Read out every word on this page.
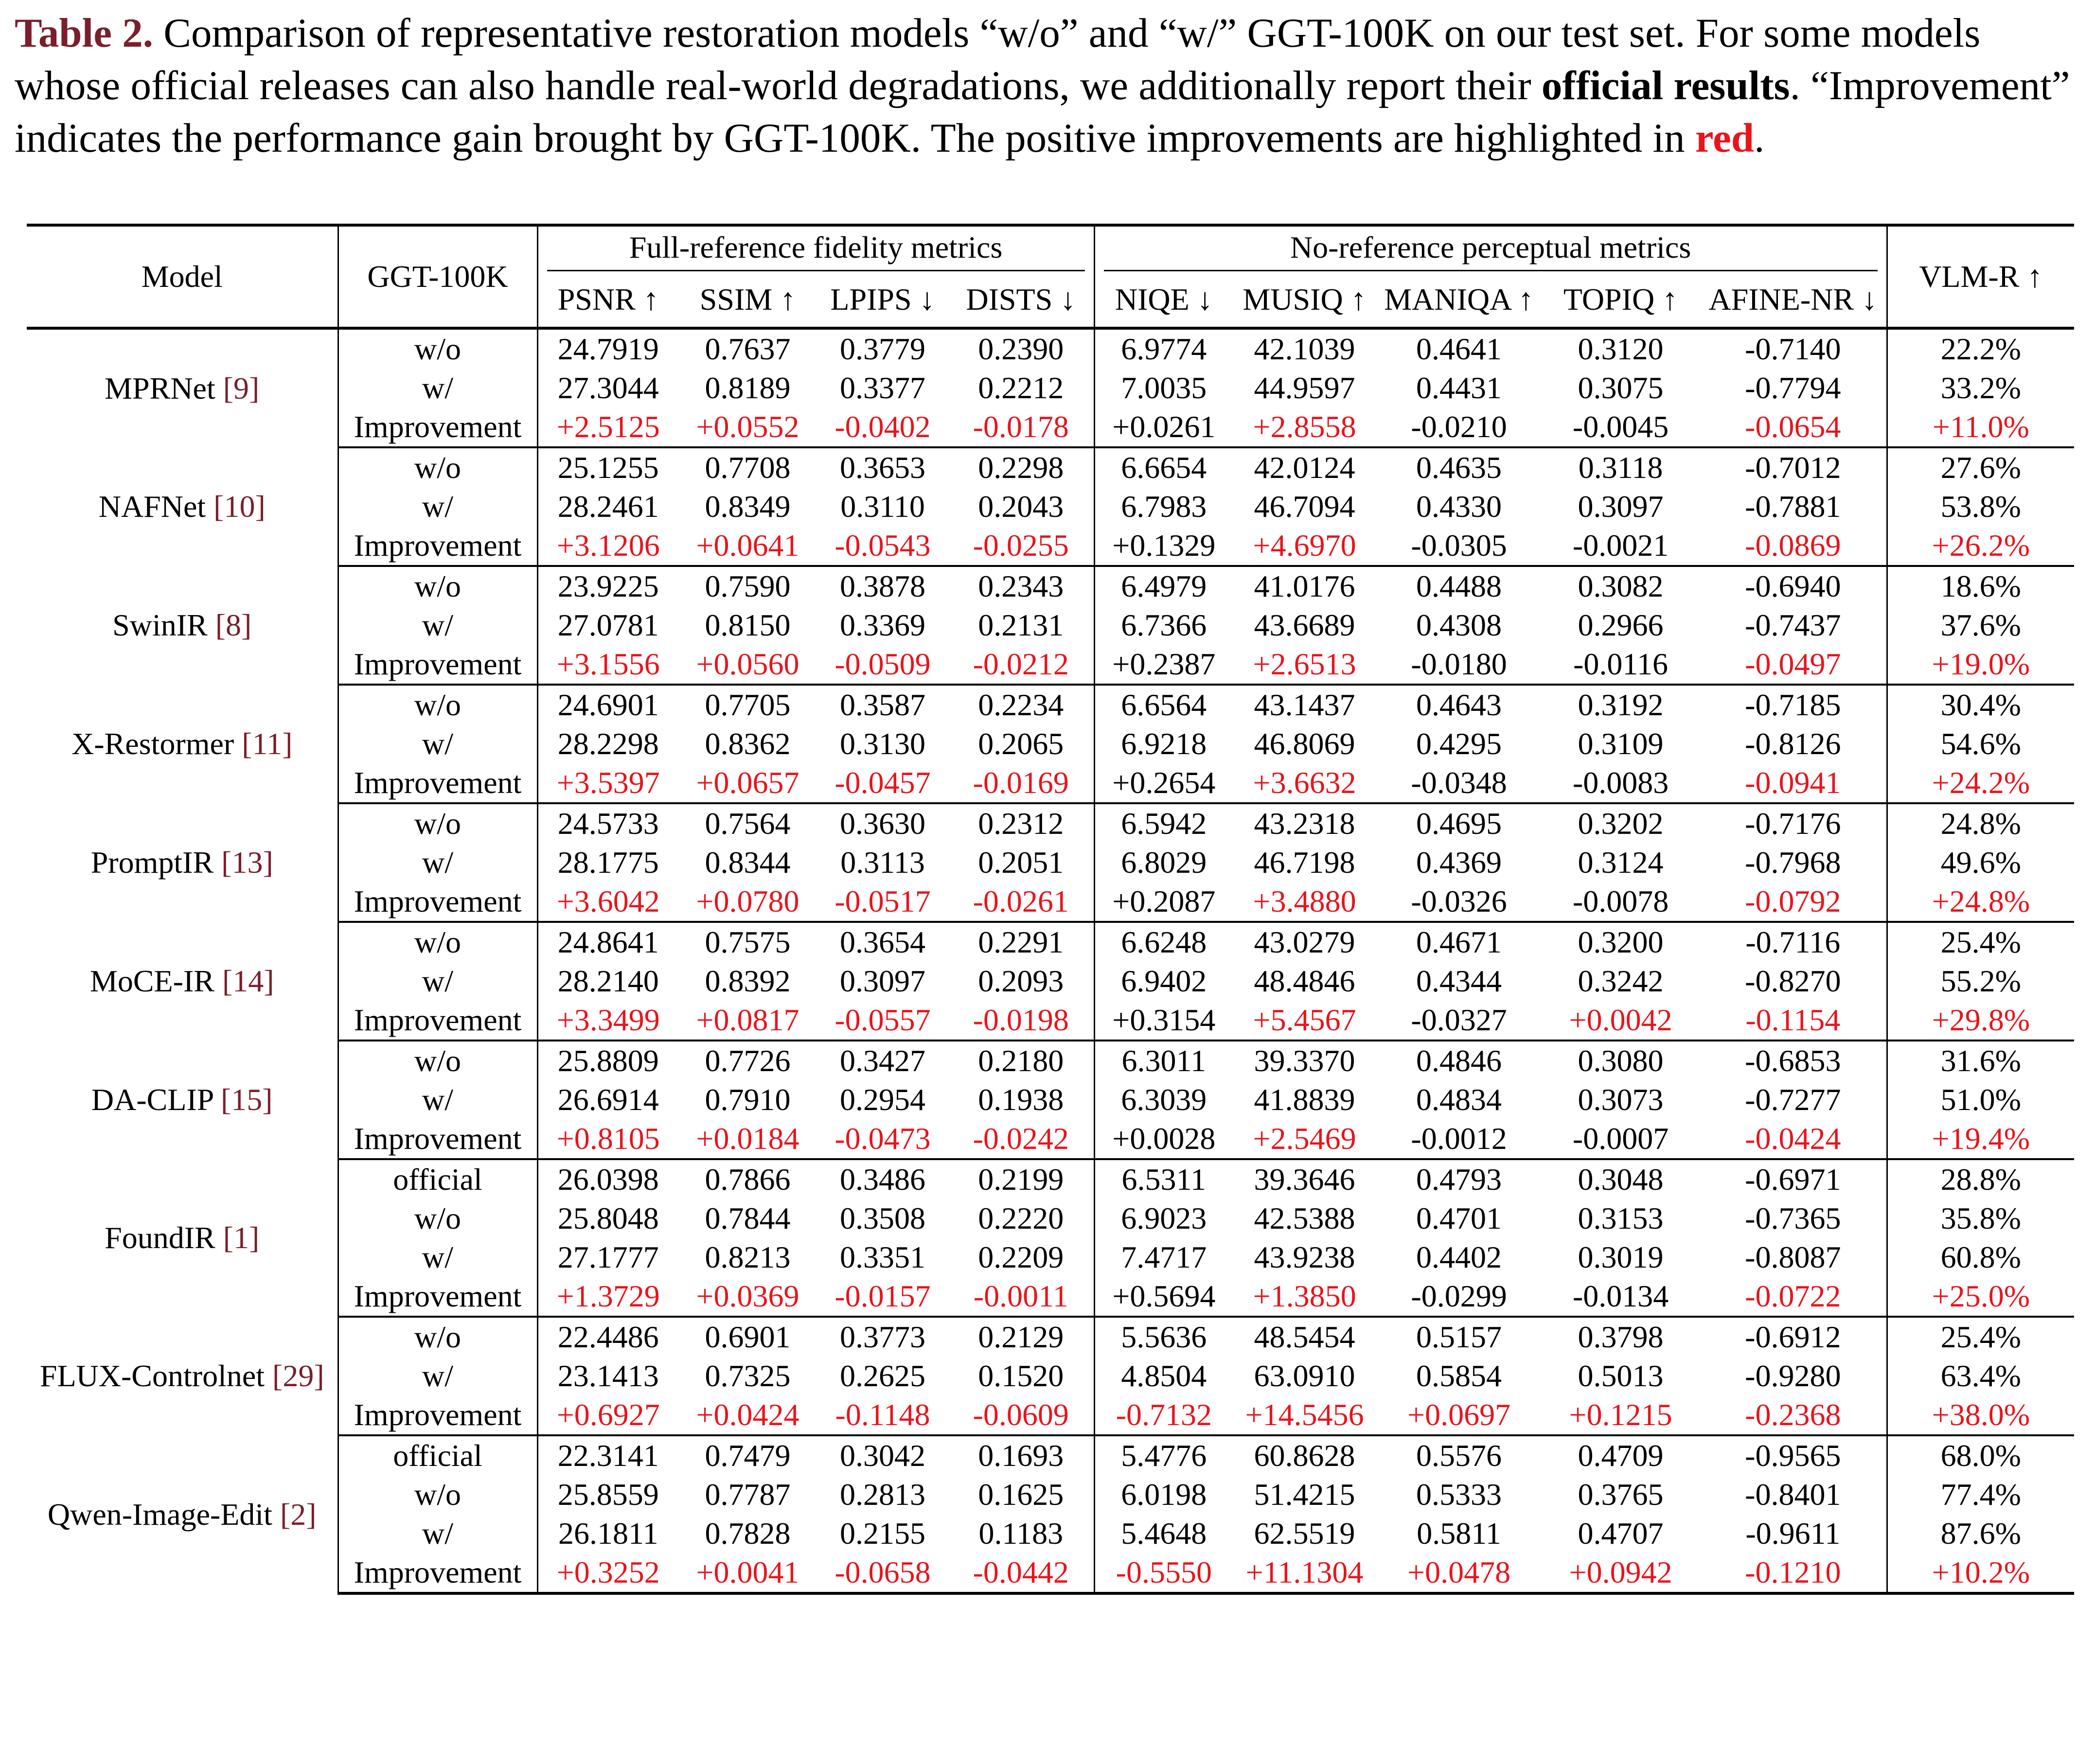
Table 2. Comparison of representative restoration models “w/o” and “w/” GGT-100K on our test set. For some models whose official releases can also handle real-world degradations, we additionally report their official results. “Improvement” indicates the performance gain brought by GGT-100K. The positive improvements are highlighted in red.
Model	GGT-100K	Full-reference fidelity metrics				No-reference perceptual metrics					VLM-R ↑
		PSNR ↑	SSIM ↑	LPIPS ↓	DISTS ↓	NIQE ↓	MUSIQ ↑	MANIQA ↑	TOPIQ ↑	AFINE-NR ↓	
MPRNet [9]	w/o	24.7919	0.7637	0.3779	0.2390	6.9774	42.1039	0.4641	0.3120	-0.7140	22.2%
	w/	27.3044	0.8189	0.3377	0.2212	7.0035	44.9597	0.4431	0.3075	-0.7794	33.2%
	Improvement	+2.5125	+0.0552	-0.0402	-0.0178	+0.0261	+2.8558	-0.0210	-0.0045	-0.0654	+11.0%
NAFNet [10]	w/o	25.1255	0.7708	0.3653	0.2298	6.6654	42.0124	0.4635	0.3118	-0.7012	27.6%
	w/	28.2461	0.8349	0.3110	0.2043	6.7983	46.7094	0.4330	0.3097	-0.7881	53.8%
	Improvement	+3.1206	+0.0641	-0.0543	-0.0255	+0.1329	+4.6970	-0.0305	-0.0021	-0.0869	+26.2%
SwinIR [8]	w/o	23.9225	0.7590	0.3878	0.2343	6.4979	41.0176	0.4488	0.3082	-0.6940	18.6%
	w/	27.0781	0.8150	0.3369	0.2131	6.7366	43.6689	0.4308	0.2966	-0.7437	37.6%
	Improvement	+3.1556	+0.0560	-0.0509	-0.0212	+0.2387	+2.6513	-0.0180	-0.0116	-0.0497	+19.0%
X-Restormer [11]	w/o	24.6901	0.7705	0.3587	0.2234	6.6564	43.1437	0.4643	0.3192	-0.7185	30.4%
	w/	28.2298	0.8362	0.3130	0.2065	6.9218	46.8069	0.4295	0.3109	-0.8126	54.6%
	Improvement	+3.5397	+0.0657	-0.0457	-0.0169	+0.2654	+3.6632	-0.0348	-0.0083	-0.0941	+24.2%
PromptIR [13]	w/o	24.5733	0.7564	0.3630	0.2312	6.5942	43.2318	0.4695	0.3202	-0.7176	24.8%
	w/	28.1775	0.8344	0.3113	0.2051	6.8029	46.7198	0.4369	0.3124	-0.7968	49.6%
	Improvement	+3.6042	+0.0780	-0.0517	-0.0261	+0.2087	+3.4880	-0.0326	-0.0078	-0.0792	+24.8%
MoCE-IR [14]	w/o	24.8641	0.7575	0.3654	0.2291	6.6248	43.0279	0.4671	0.3200	-0.7116	25.4%
	w/	28.2140	0.8392	0.3097	0.2093	6.9402	48.4846	0.4344	0.3242	-0.8270	55.2%
	Improvement	+3.3499	+0.0817	-0.0557	-0.0198	+0.3154	+5.4567	-0.0327	+0.0042	-0.1154	+29.8%
DA-CLIP [15]	w/o	25.8809	0.7726	0.3427	0.2180	6.3011	39.3370	0.4846	0.3080	-0.6853	31.6%
	w/	26.6914	0.7910	0.2954	0.1938	6.3039	41.8839	0.4834	0.3073	-0.7277	51.0%
	Improvement	+0.8105	+0.0184	-0.0473	-0.0242	+0.0028	+2.5469	-0.0012	-0.0007	-0.0424	+19.4%
FoundIR [1]	official	26.0398	0.7866	0.3486	0.2199	6.5311	39.3646	0.4793	0.3048	-0.6971	28.8%
	w/o	25.8048	0.7844	0.3508	0.2220	6.9023	42.5388	0.4701	0.3153	-0.7365	35.8%
	w/	27.1777	0.8213	0.3351	0.2209	7.4717	43.9238	0.4402	0.3019	-0.8087	60.8%
	Improvement	+1.3729	+0.0369	-0.0157	-0.0011	+0.5694	+1.3850	-0.0299	-0.0134	-0.0722	+25.0%
FLUX-Controlnet [29]	w/o	22.4486	0.6901	0.3773	0.2129	5.5636	48.5454	0.5157	0.3798	-0.6912	25.4%
	w/	23.1413	0.7325	0.2625	0.1520	4.8504	63.0910	0.5854	0.5013	-0.9280	63.4%
	Improvement	+0.6927	+0.0424	-0.1148	-0.0609	-0.7132	+14.5456	+0.0697	+0.1215	-0.2368	+38.0%
Qwen-Image-Edit [2]	official	22.3141	0.7479	0.3042	0.1693	5.4776	60.8628	0.5576	0.4709	-0.9565	68.0%
	w/o	25.8559	0.7787	0.2813	0.1625	6.0198	51.4215	0.5333	0.3765	-0.8401	77.4%
	w/	26.1811	0.7828	0.2155	0.1183	5.4648	62.5519	0.5811	0.4707	-0.9611	87.6%
	Improvement	+0.3252	+0.0041	-0.0658	-0.0442	-0.5550	+11.1304	+0.0478	+0.0942	-0.1210	+10.2%
